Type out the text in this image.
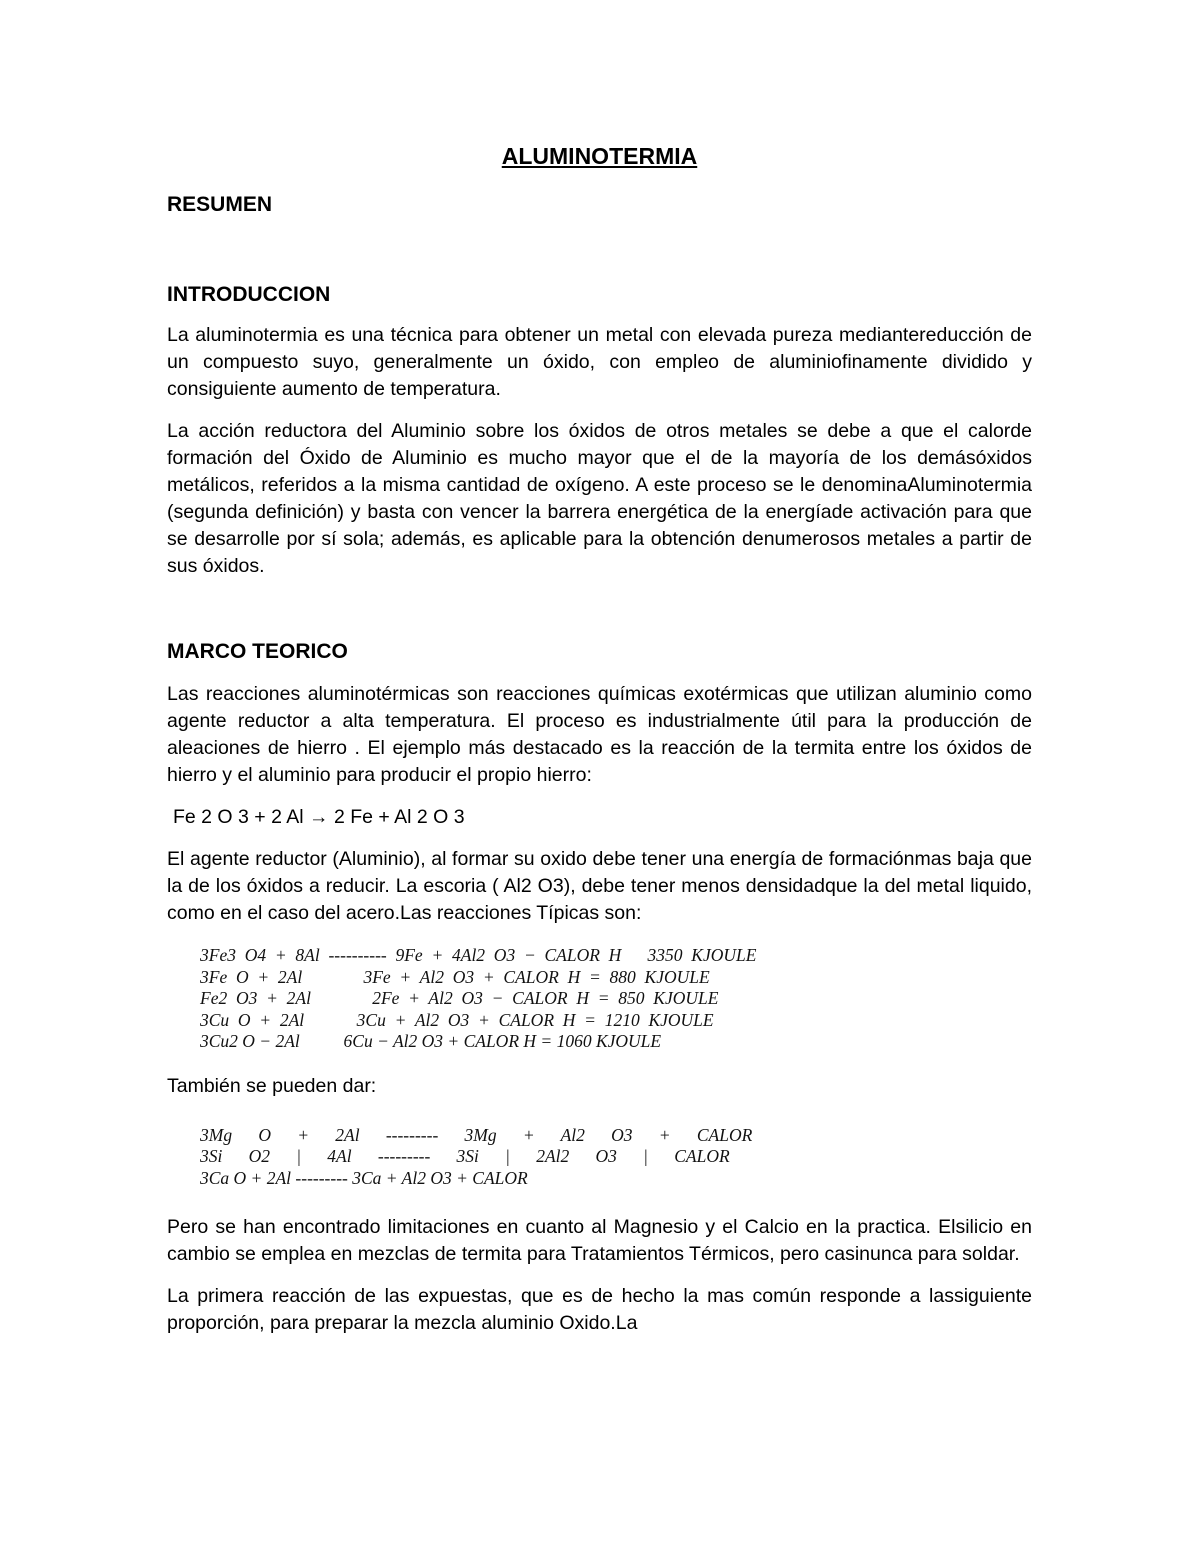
ALUMINOTERMIA
RESUMEN
INTRODUCCION

La aluminotermia es una técnica para obtener un metal con elevada pureza mediantereducción de un compuesto suyo, generalmente un óxido, con empleo de aluminiofinamente dividido y consiguiente aumento de temperatura.

La acción reductora del Aluminio sobre los óxidos de otros metales se debe a que el calorde formación del Óxido de Aluminio es mucho mayor que el de la mayoría de los demásóxidos metálicos, referidos a la misma cantidad de oxígeno. A este proceso se le denominaAluminotermia (segunda definición) y basta con vencer la barrera energética de la energíade activación para que se desarrolle por sí sola; además, es aplicable para la obtención denumerosos metales a partir de sus óxidos.

MARCO TEORICO

Las reacciones aluminotérmicas son reacciones químicas exotérmicas que utilizan aluminio como agente reductor a alta temperatura. El proceso es industrialmente útil para la producción de aleaciones de hierro . El ejemplo más destacado es la reacción de la termita entre los óxidos de hierro y el aluminio para producir el propio hierro:

Fe 2 O 3 + 2 Al → 2 Fe + Al 2 O 3

El agente reductor (Aluminio), al formar su oxido debe tener una energía de formaciónmas baja que la de los óxidos a reducir. La escoria ( Al2 O3), debe tener menos densidadque la del metal liquido, como en el caso del acero.Las reacciones Típicas son:

3Fe3  O4  +  8Al  ----------  9Fe  +  4Al2  O3  −  CALOR  H      3350  KJOULE
3Fe  O  +  2Al              3Fe  +  Al2  O3  +  CALOR  H  =  880  KJOULE
Fe2  O3  +  2Al              2Fe  +  Al2  O3  −  CALOR  H  =  850  KJOULE
3Cu  O  +  2Al            3Cu  +  Al2  O3  +  CALOR  H  =  1210  KJOULE
3Cu2 O − 2Al          6Cu − Al2 O3 + CALOR H = 1060 KJOULE

También se pueden dar:

3Mg      O      +      2Al      ---------      3Mg      +      Al2      O3      +      CALOR
3Si      O2      |      4Al      ---------      3Si      |      2Al2      O3      |      CALOR
3Ca O + 2Al --------- 3Ca + Al2 O3 + CALOR

Pero se han encontrado limitaciones en cuanto al Magnesio y el Calcio en la practica. Elsilicio en cambio se emplea en mezclas de termita para Tratamientos Térmicos, pero casinunca para soldar.

La primera reacción de las expuestas, que es de hecho la mas común responde a lassiguiente proporción, para preparar la mezcla aluminio Oxido.La
